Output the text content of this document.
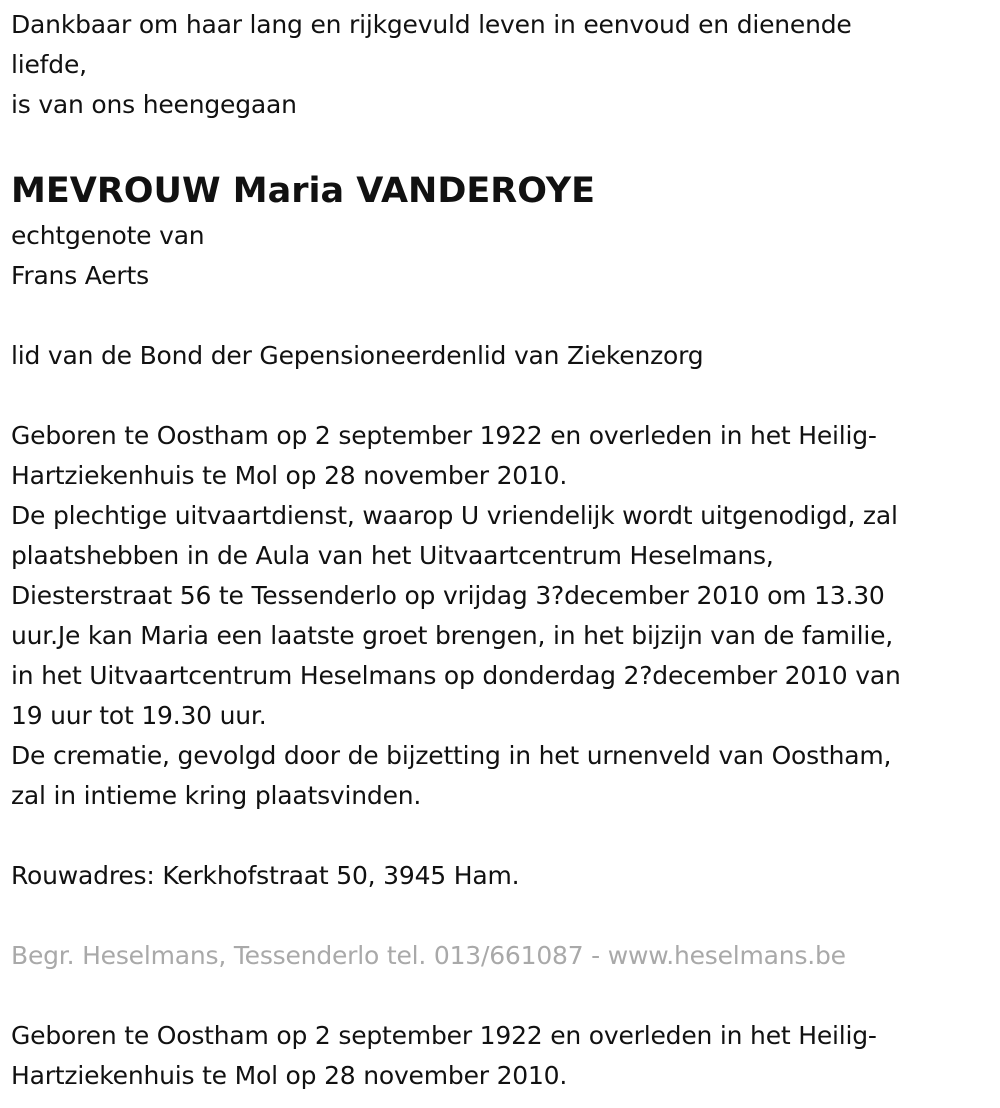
Dankbaar om haar lang en rijkgevuld leven in eenvoud en dienende
liefde,
is van ons heengegaan
MEVROUW Maria VANDEROYE
echtgenote van
Frans Aerts
lid van de Bond der Gepensioneerdenlid van Ziekenzorg
Geboren te Oostham op 2 september 1922 en overleden in het Heilig-
Hartziekenhuis te Mol op 28 november 2010.
De plechtige uitvaartdienst, waarop U vriendelijk wordt uitgenodigd, zal
plaatshebben in de Aula van het Uitvaartcentrum Heselmans,
Diesterstraat 56 te Tessenderlo op vrijdag 3?december 2010 om 13.30
uur.Je kan Maria een laatste groet brengen, in het bijzijn van de familie,
in het Uitvaartcentrum Heselmans op donderdag 2?december 2010 van
19 uur tot 19.30 uur.
De crematie, gevolgd door de bijzetting in het urnenveld van Oostham,
zal in intieme kring plaatsvinden.
Rouwadres: Kerkhofstraat 50, 3945 Ham.
Begr. Heselmans, Tessenderlo tel. 013/661087 - www.heselmans.be
Geboren te Oostham op 2 september 1922 en overleden in het Heilig-
Hartziekenhuis te Mol op 28 november 2010.
